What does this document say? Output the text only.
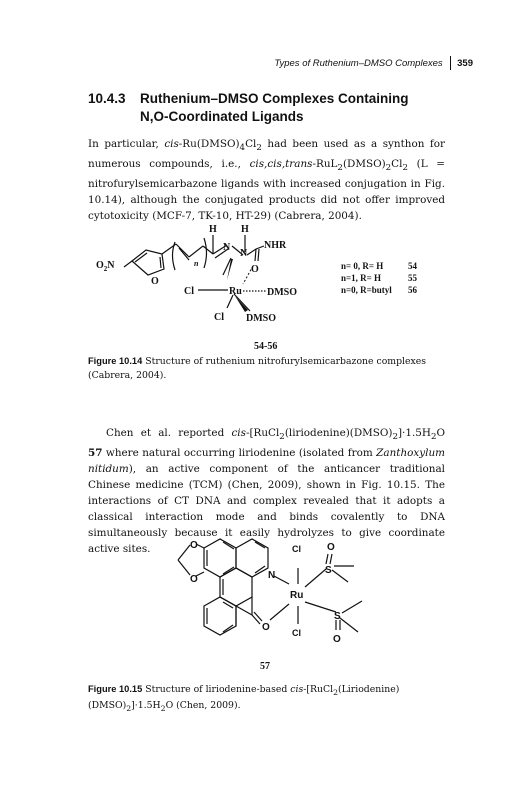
Types of Ruthenium–DMSO Complexes 359
10.4.3 Ruthenium–DMSO Complexes Containing
N,O-Coordinated Ligands
In particular, cis-$Ru(DMSO)_4Cl_2$ had been used as a synthon for numerous compounds, i.e., $cis,cis,trans-RuL_2(DMSO)_2Cl_2$ (L = nitrofurylsemicarbazone ligands with increased conjugation in Fig. 10.14), although the conjugated products did not offer improved cytotoxicity (MCF-7, TK-10, HT-29) (Cabrera, 2004).
$O_2N$
O
n
H H
N
N
NHR
O
Ru
Cl
Cl
DMSO
DMSO
n= 0, R= H	54
n=1, R= H	55
n=0, R=butyl 56
54-56
Figure 10.14 Structure of ruthenium nitrofurylsemicarbazone complexes (Cabrera, 2004).
Chen et al. reported cis-$[RuCl_2(liriodenine)(DMSO)_2]\cdot 1.5H_2O$ 57 where natural occurring liriodenine (isolated from Zanthoxylum nitidum), an active component of the anticancer traditional Chinese medicine (TCM) (Chen, 2009), shown in Fig. 10.15. The interactions of CT DNA and complex revealed that it adopts a classical interaction mode and binds covalently to DNA simultaneously because it easily hydrolyzes to give coordinate active sites.	O
O	N
O
Ru
Cl
Cl
S
S
O
O
57
Figure 10.15 Structure of liriodenine-based cis-$[RuCl_2(Liriodenine)(DMSO)_2]\cdot 1.5H_2O$ (Chen, 2009).
